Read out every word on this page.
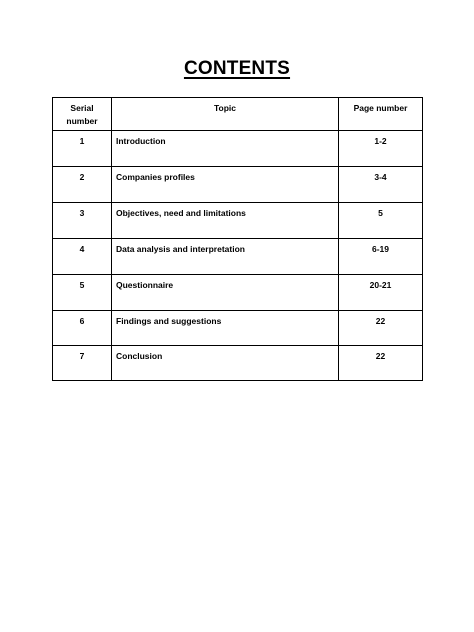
CONTENTS
Serial
number	Topic	Page number
1	Introduction	1-2
2	Companies profiles	3-4
3	Objectives, need and limitations	5
4	Data analysis and interpretation	6-19
5	Questionnaire	20-21
6	Findings and suggestions	22
7	Conclusion	22
